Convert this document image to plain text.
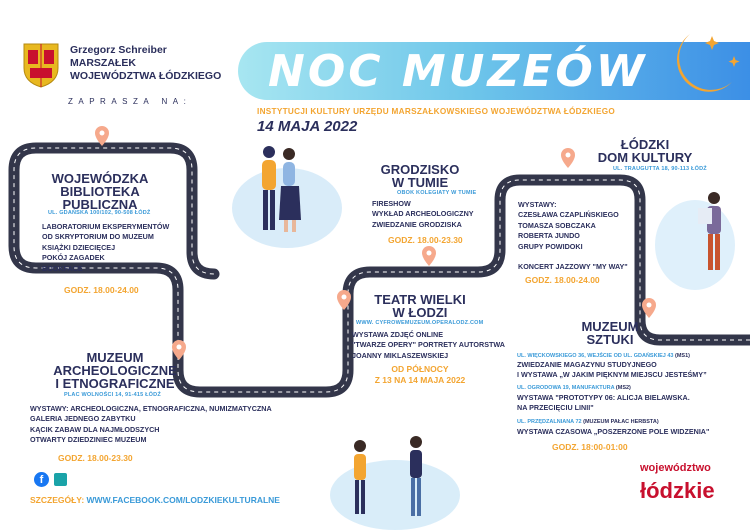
Grzegorz Schreiber
MARSZAŁEK
WOJEWÓDZTWA ŁÓDZKIEGO
ZAPRASZA NA:
NOC MUZEÓW
INSTYTUCJI KULTURY URZĘDU MARSZAŁKOWSKIEGO WOJEWÓDZTWA ŁÓDZKIEGO
14 MAJA 2022
WOJEWÓDZKA
BIBLIOTEKA
PUBLICZNA
UL. GDAŃSKA 100/102, 90-508 ŁÓDŹ
LABORATORIUM EKSPERYMENTÓW
OD SKRYPTORIUM DO MUZEUM
KSIĄŻKI DZIECIĘCEJ
POKÓJ ZAGADEK
BOOKFACE
GODZ. 18.00-24.00
GRODZISKO
W TUMIE
OBOK KOLEGIATY W TUMIE
FIRESHOW
WYKŁAD ARCHEOLOGICZNY
ZWIEDZANIE GRODZISKA
GODZ. 18.00-23.30
ŁÓDZKI
DOM KULTURY
UL. TRAUGUTTA 18, 90-113 ŁÓDŹ
WYSTAWY:
CZESŁAWA CZAPLIŃSKIEGO
TOMASZA SOBCZAKA
ROBERTA JUNDO
GRUPY POWIDOKI
KONCERT JAZZOWY "MY WAY"
GODZ. 18.00-24.00
TEATR WIELKI
W ŁODZI
WWW. CYFROWEMUZEUM.OPERALODZ.COM
WYSTAWA ZDJĘĆ ONLINE
"TWARZE OPERY" PORTRETY AUTORSTWA
JOANNY MIKLASZEWSKIEJ
OD PÓŁNOCY
Z 13 NA 14 MAJA 2022
MUZEUM
ARCHEOLOGICZNE
I ETNOGRAFICZNE
PLAC WOLNOŚCI 14, 91-415 ŁÓDŹ
WYSTAWY: ARCHEOLOGICZNA, ETNOGRAFICZNA, NUMIZMATYCZNA
GALERIA JEDNEGO ZABYTKU
KĄCIK ZABAW DLA NAJMŁODSZYCH
OTWARTY DZIEDZINIEC MUZEUM
GODZ. 18.00-23.30
MUZEUM
SZTUKI
UL. WIĘCKOWSKIEGO 36, WEJŚCIE OD UL. GDAŃSKIEJ 43 (MS1)
ZWIEDZANIE MAGAZYNU STUDYJNEGO
I WYSTAWA „W JAKIM PIĘKNYM MIEJSCU JESTEŚMY”
UL. OGRODOWA 19, MANUFAKTURA (MS2)
WYSTAWA "PROTOTYPY 06: ALICJA BIELAWSKA.
NA PRZECIĘCIU LINII"
UL. PRZĘDZALNIANA 72 (MUZEUM PAŁAC HERBSTA)
WYSTAWA CZASOWA „POSZERZONE POLE WIDZENIA"
GODZ. 18:00-01:00
f
SZCZEGÓŁY: WWW.FACEBOOK.COM/LODZKIEKULTURALNE
województwo
łódzkie
